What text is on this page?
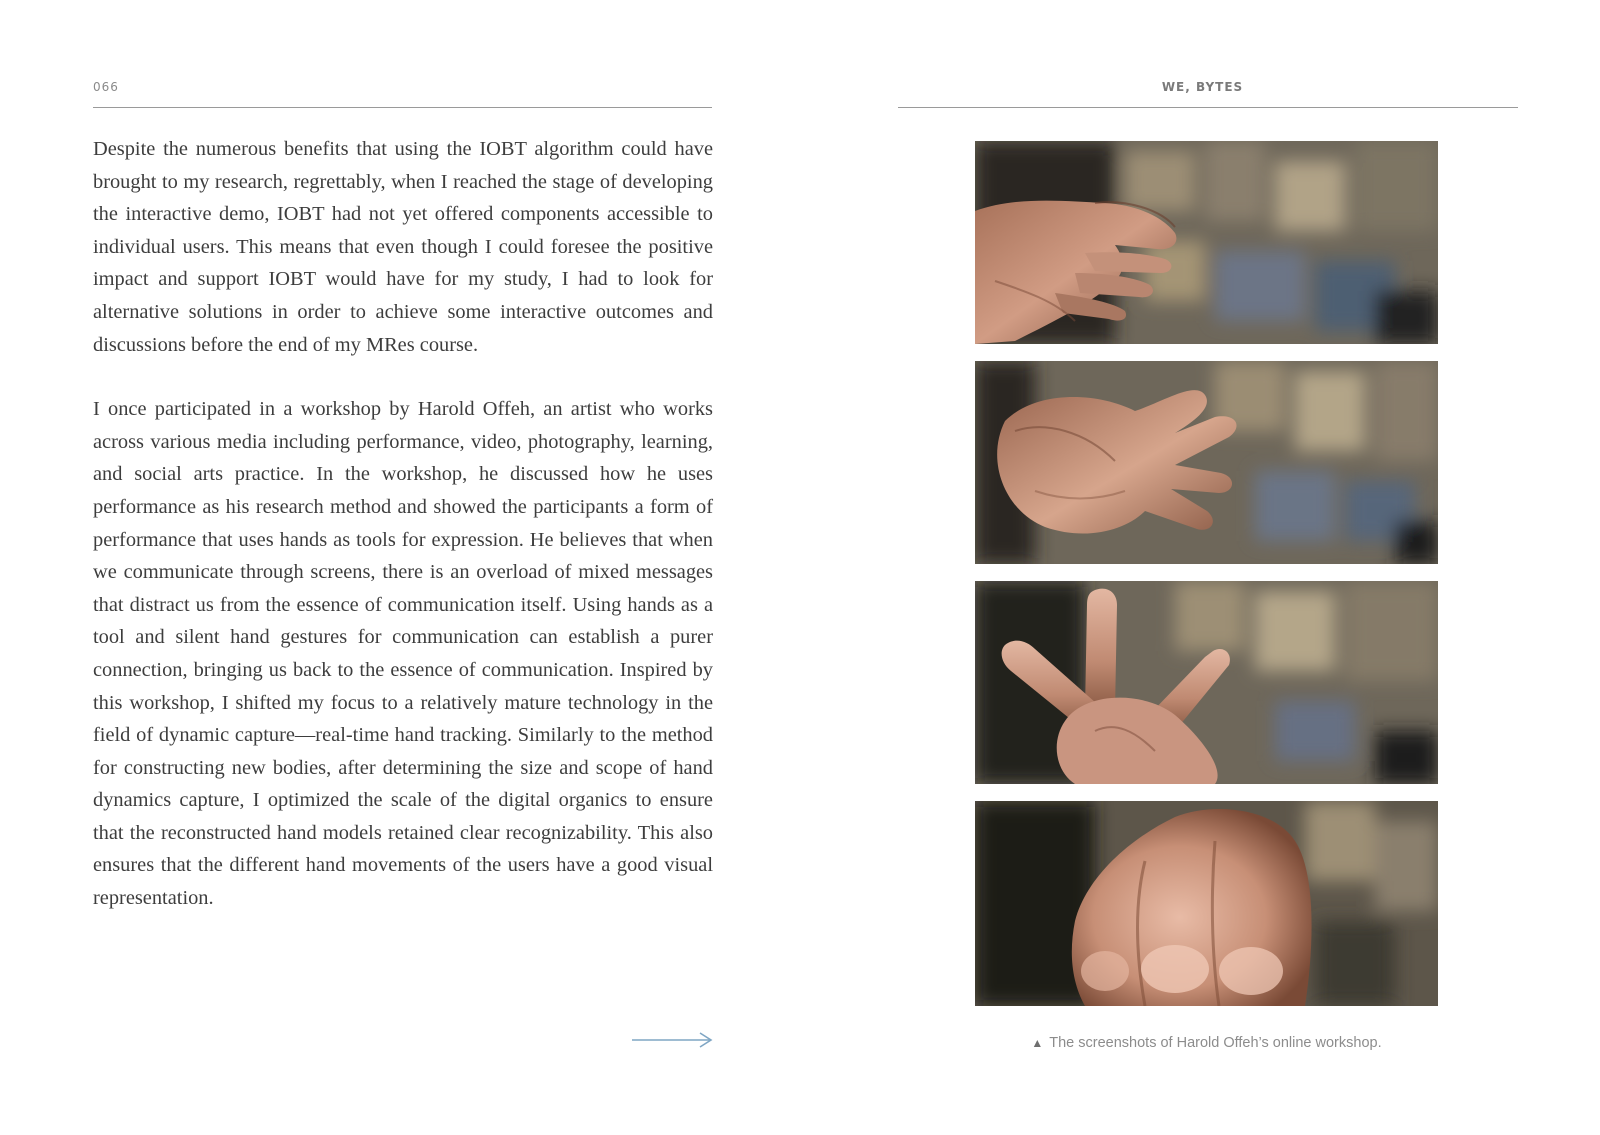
066

Despite the numerous benefits that using the IOBT algorithm could have brought to my research, regrettably, when I reached the stage of developing the interactive demo, IOBT had not yet offered components accessible to individual users. This means that even though I could foresee the positive impact and support IOBT would have for my study, I had to look for alternative solutions in order to achieve some interactive outcomes and discussions before the end of my MRes course.

I once participated in a workshop by Harold Offeh, an artist who works across various media including performance, video, photography, learning, and social arts practice. In the workshop, he discussed how he uses performance as his research method and showed the participants a form of performance that uses hands as tools for expression. He believes that when we communicate through screens, there is an overload of mixed messages that distract us from the essence of communication itself. Using hands as a tool and silent hand gestures for communication can establish a purer connection, bringing us back to the essence of communication. Inspired by this workshop, I shifted my focus to a relatively mature technology in the field of dynamic capture—real-time hand tracking. Similarly to the method for constructing new bodies, after determining the size and scope of hand dynamics capture, I optimized the scale of the digital organics to ensure that the reconstructed hand models retained clear recognizability. This also ensures that the different hand movements of the users have a good visual representation.

WE, BYTES
▲ The screenshots of Harold Offeh’s online workshop.
